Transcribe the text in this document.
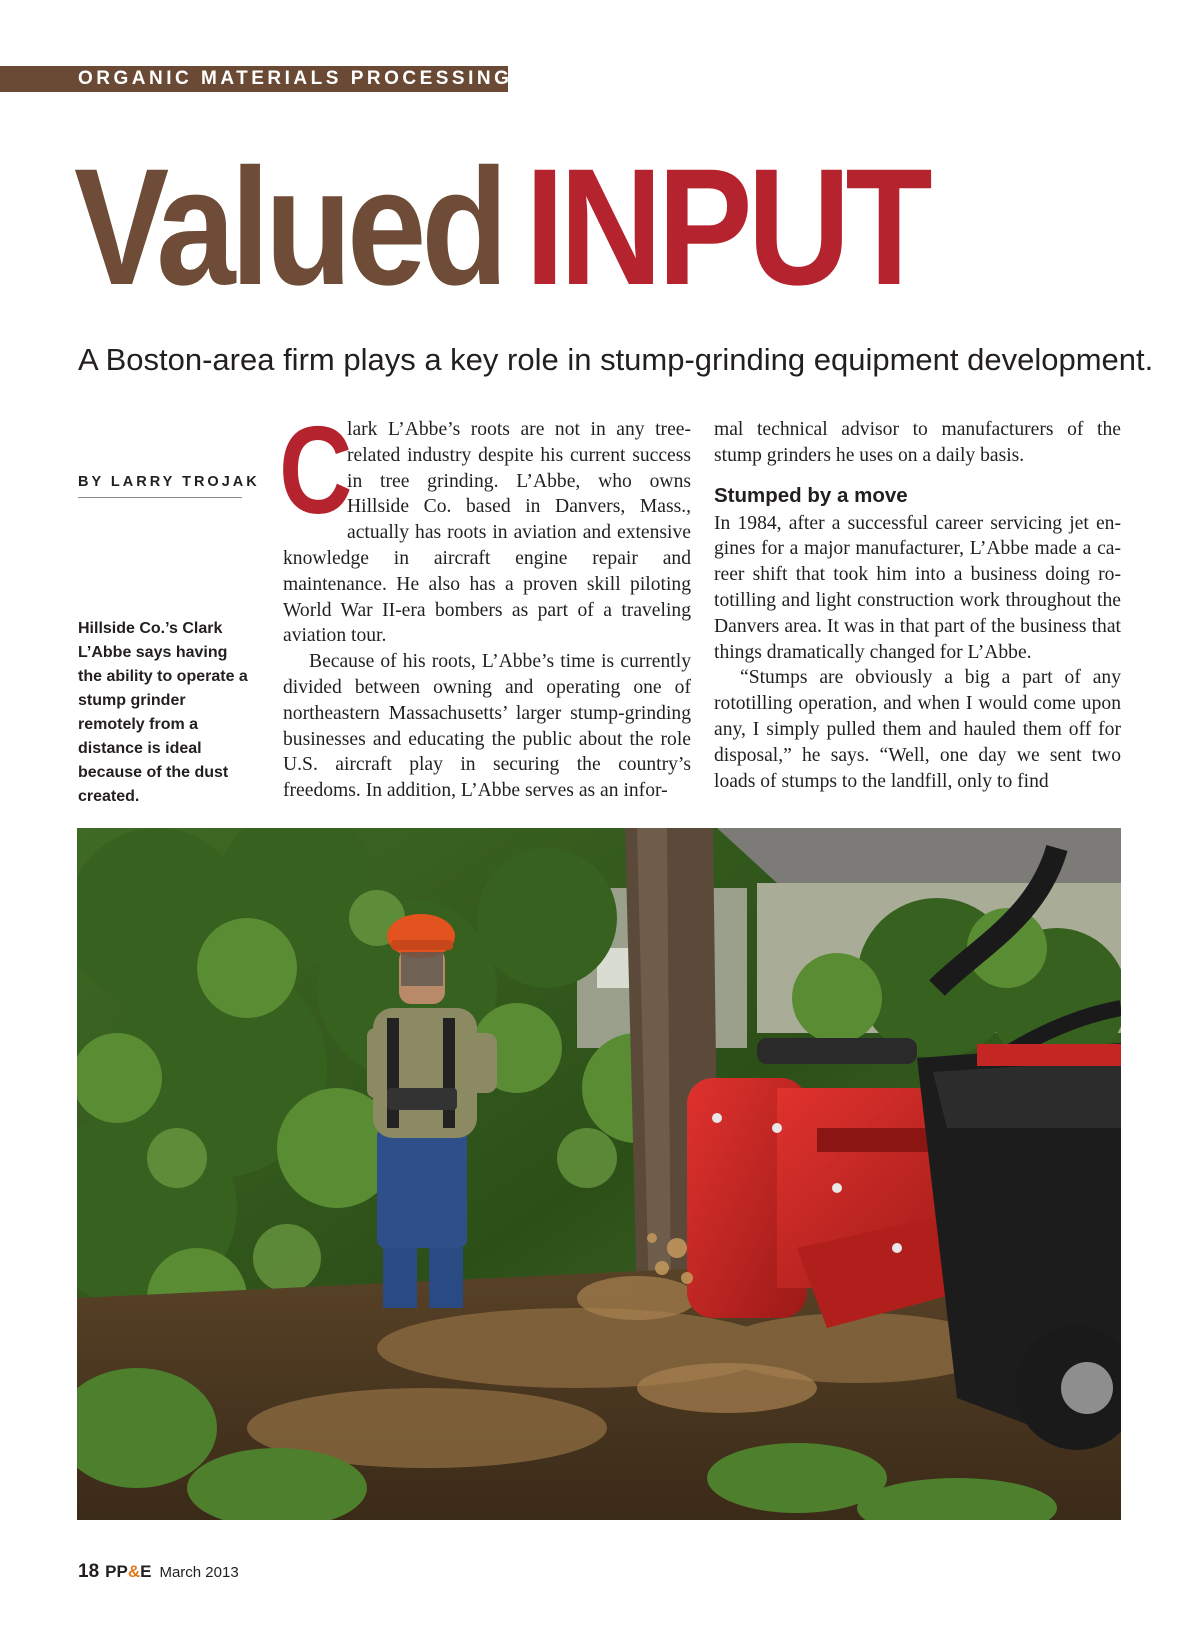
ORGANIC MATERIALS PROCESSING
Valued INPUT

A Boston-area firm plays a key role in stump-grinding equipment development.

BY LARRY TROJAK

Hillside Co.’s Clark L’Abbe says having the ability to operate a stump grinder remotely from a distance is ideal because of the dust created.

C
lark L’Abbe’s roots are not in any tree-related industry despite his current success in tree grinding. L’Abbe, who owns Hillside Co. based in Danvers, Mass., actually has roots in aviation and extensive knowledge in aircraft engine repair and maintenance. He also has a proven skill piloting World War II-era bombers as part of a traveling aviation tour.

Because of his roots, L’Abbe’s time is currently divided between owning and operating one of northeastern Massachusetts’ larger stump-grinding businesses and educating the public about the role U.S. aircraft play in securing the country’s freedoms. In addition, L’Abbe serves as an infor-

mal technical advisor to manufacturers of the stump grinders he uses on a daily basis.

Stumped by a move

In 1984, after a successful career servicing jet engines for a major manufacturer, L’Abbe made a career shift that took him into a business doing rototilling and light construction work throughout the Danvers area. It was in that part of the business that things dramatically changed for L’Abbe.

“Stumps are obviously a big a part of any rototilling operation, and when I would come upon any, I simply pulled them and hauled them off for disposal,” he says. “Well, one day we sent two loads of stumps to the landfill, only to find

18 PP&E March 2013
